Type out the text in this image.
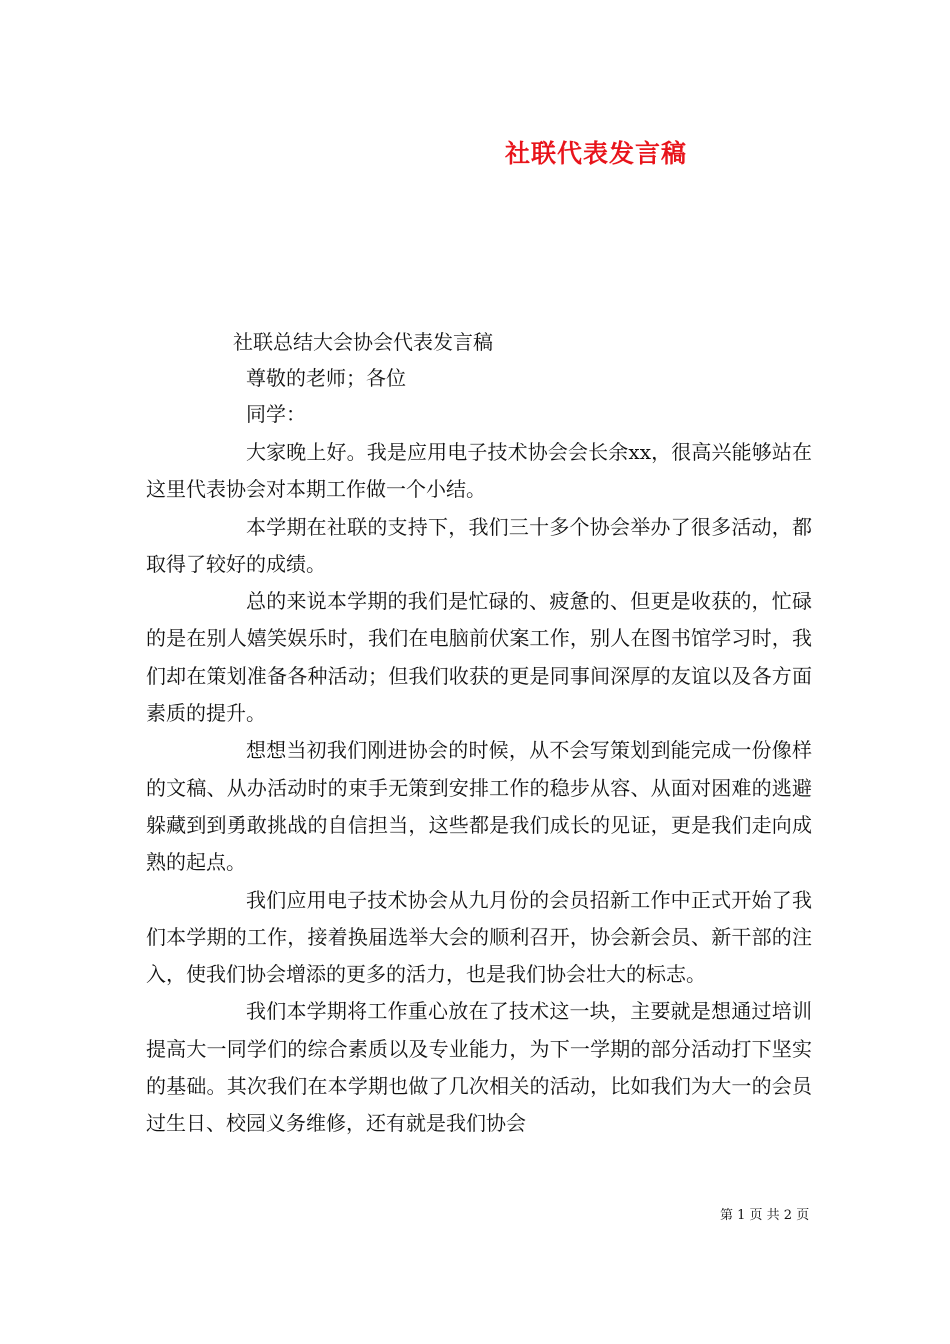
社联代表发言稿
社联总结大会协会代表发言稿
尊敬的老师；各位
同学：

大家晚上好。我是应用电子技术协会会长余xx，很高兴能够站在这里代表协会对本期工作做一个小结。

本学期在社联的支持下，我们三十多个协会举办了很多活动，都取得了较好的成绩。

总的来说本学期的我们是忙碌的、疲惫的、但更是收获的，忙碌的是在别人嬉笑娱乐时，我们在电脑前伏案工作，别人在图书馆学习时，我们却在策划准备各种活动；但我们收获的更是同事间深厚的友谊以及各方面素质的提升。

想想当初我们刚进协会的时候，从不会写策划到能完成一份像样的文稿、从办活动时的束手无策到安排工作的稳步从容、从面对困难的逃避躲藏到到勇敢挑战的自信担当，这些都是我们成长的见证，更是我们走向成熟的起点。

我们应用电子技术协会从九月份的会员招新工作中正式开始了我们本学期的工作，接着换届选举大会的顺利召开，协会新会员、新干部的注入，使我们协会增添的更多的活力，也是我们协会壮大的标志。

我们本学期将工作重心放在了技术这一块，主要就是想通过培训提高大一同学们的综合素质以及专业能力，为下一学期的部分活动打下坚实的基础。其次我们在本学期也做了几次相关的活动，比如我们为大一的会员过生日、校园义务维修，还有就是我们协会

第 1 页 共 2 页
